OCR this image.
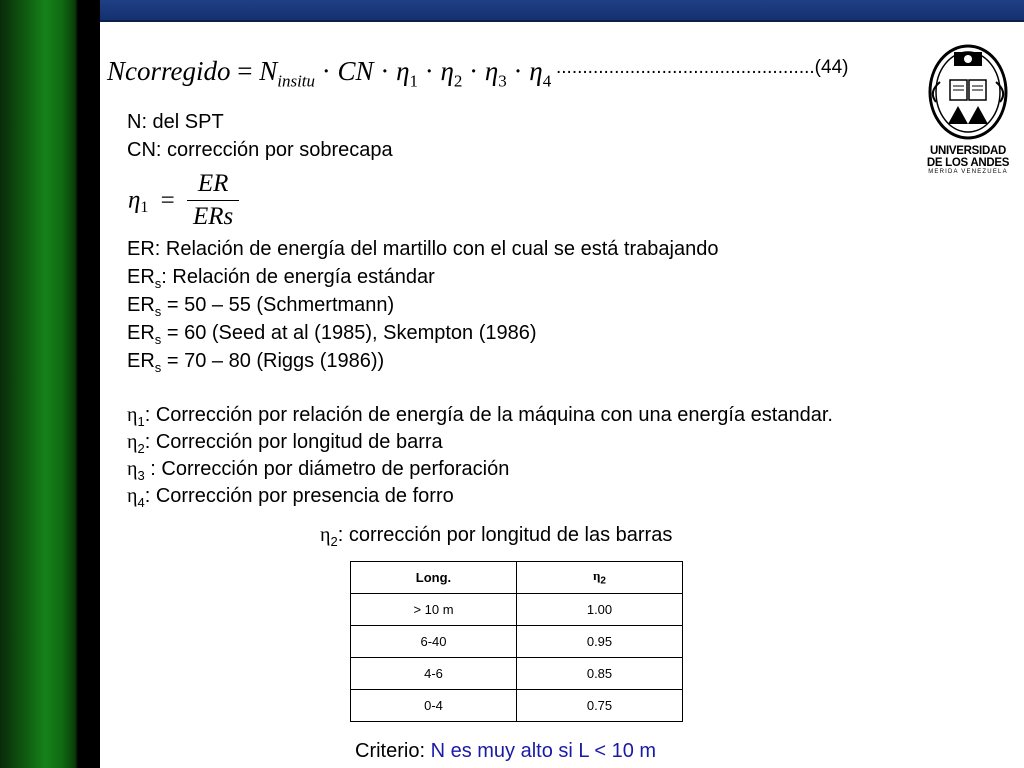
Ncorregido = $N_{insitu}$ · CN · $\eta_1 \cdot \eta_2 \cdot \eta_3 \cdot \eta_4$
.................................................(44)
N: del SPT
CN: corrección por sobrecapa
$\eta_1 = \frac{ER}{\text{ERs}}$
ER: Relación de energía del martillo con el cual se está trabajando
$ER_s$: Relación de energía estándar
$ER_s = 50 - 55$ (Schmertmann)
$ER_s = 60$ (Seed at al (1985), Skempton (1986)
$ER_s = 70 - 80$ (Riggs (1986))
$\eta_1$: Corrección por relación de energía de la máquina con una energía estandar.
$\eta_2$: Corrección por longitud de barra
$\eta_3$ : Corrección por diámetro de perforación
$\eta_4$: Corrección por presencia de forro
$\eta_2$: corrección por longitud de las barras
Long.	$\eta_2$
> 10 m	1.00
6-40	0.95
4-6	0.85
0-4	0.75
Criterio: N es muy alto si L < 10 m
UNIVERSIDAD
DE LOS ANDES
MERIDA VENEZUELA
